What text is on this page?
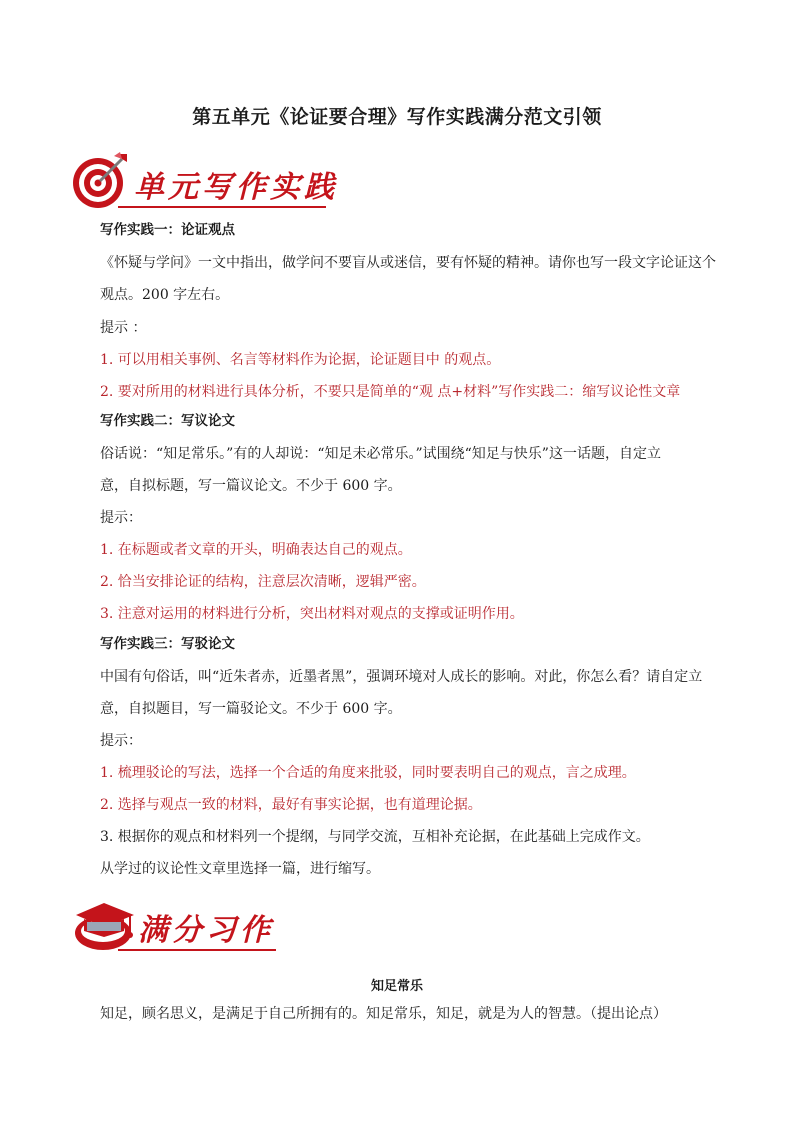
第五单元《论证要合理》写作实践满分范文引领
单元写作实践
写作实践一：论证观点
《怀疑与学问》一文中指出，做学问不要盲从或迷信，要有怀疑的精神。请你也写一段文字论证这个
观点。200 字左右。
提示 ：
1. 可以用相关事例、名言等材料作为论据，论证题目中 的观点。
2. 要对所用的材料进行具体分析，不要只是简单的“观 点+材料”写作实践二：缩写议论性文章
写作实践二：写议论文
俗话说：“知足常乐。”有的人却说：“知足未必常乐。”试围绕“知足与快乐”这一话题，自定立
意，自拟标题，写一篇议论文。不少于 600 字。
提示：
1. 在标题或者文章的开头，明确表达自己的观点。
2. 恰当安排论证的结构，注意层次清晰，逻辑严密。
3. 注意对运用的材料进行分析，突出材料对观点的支撑或证明作用。
写作实践三：写驳论文
中国有句俗话，叫“近朱者赤，近墨者黑”，强调环境对人成长的影响。对此，你怎么看？请自定立
意，自拟题目，写一篇驳论文。不少于 600 字。
提示：
1. 梳理驳论的写法，选择一个合适的角度来批驳，同时要表明自己的观点，言之成理。
2. 选择与观点一致的材料，最好有事实论据，也有道理论据。
3. 根据你的观点和材料列一个提纲，与同学交流，互相补充论据，在此基础上完成作文。
从学过的议论性文章里选择一篇，进行缩写。
满分习作
知足常乐
知足，顾名思义，是满足于自己所拥有的。知足常乐，知足，就是为人的智慧。（提出论点）
